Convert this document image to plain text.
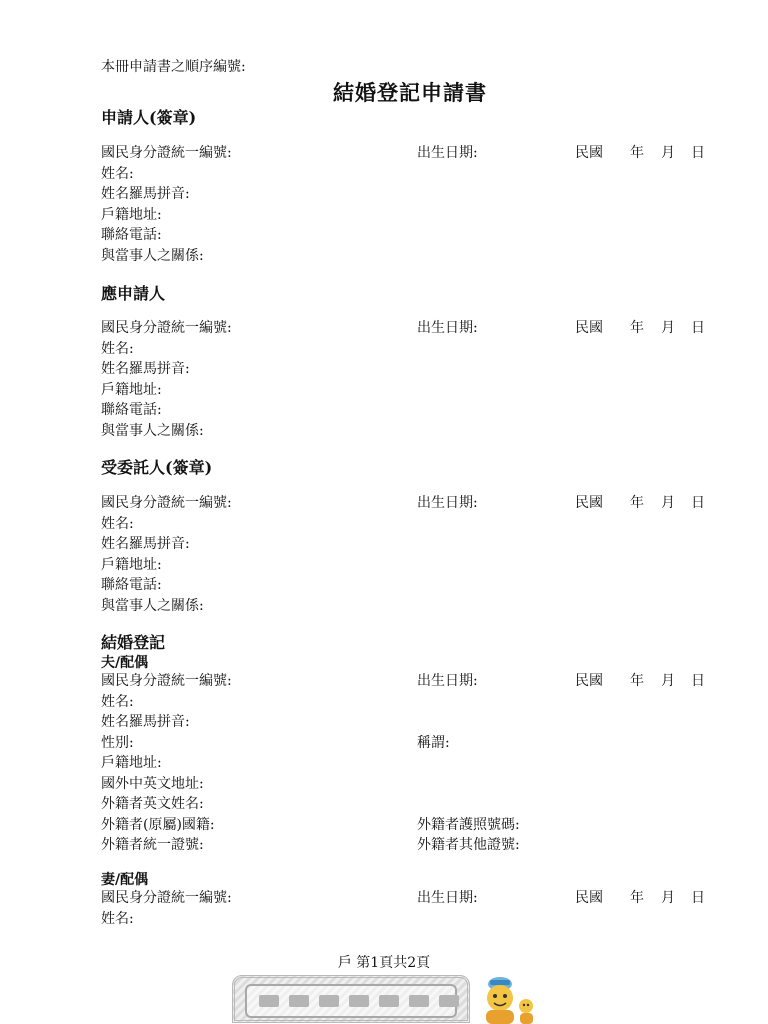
本冊申請書之順序編號:
結婚登記申請書
申請人(簽章)
國民身分證統一編號:	出生日期:	民國 年 月 日
姓名:
姓名羅馬拼音:
戶籍地址:
聯絡電話:
與當事人之關係:
應申請人
國民身分證統一編號:	出生日期:	民國 年 月 日
姓名:
姓名羅馬拼音:
戶籍地址:
聯絡電話:
與當事人之關係:
受委託人(簽章)
國民身分證統一編號:	出生日期:	民國 年 月 日
姓名:
姓名羅馬拼音:
戶籍地址:
聯絡電話:
與當事人之關係:
結婚登記
夫/配偶
國民身分證統一編號:	出生日期:	民國 年 月 日
姓名:
姓名羅馬拼音:
性別:	稱謂:
戶籍地址:
國外中英文地址:
外籍者英文姓名:
外籍者(原屬)國籍:	外籍者護照號碼:
外籍者統一證號:	外籍者其他證號:
妻/配偶
國民身分證統一編號:	出生日期:	民國 年 月 日
姓名:
戶 第1頁共2頁
